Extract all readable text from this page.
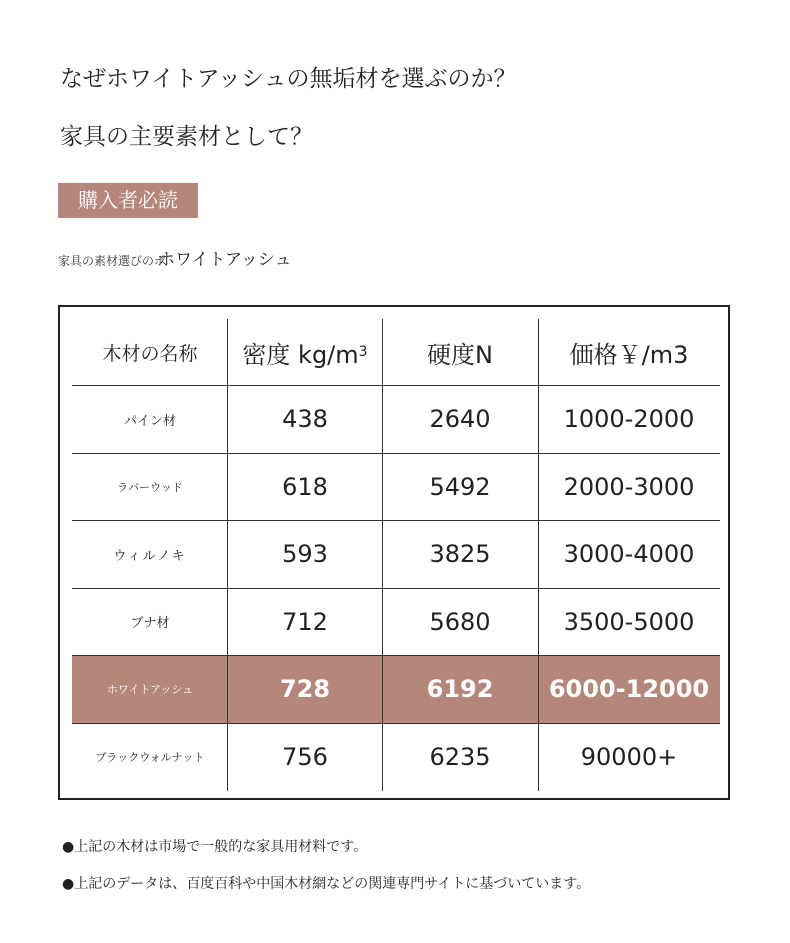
なぜホワイトアッシュの無垢材を選ぶのか？
家具の主要素材として？
購入者必読
家具の素材選びのポホワイトアッシュ
木材の名称	密度 kg/m 3	硬度N	価格￥/m3
パイン材	438	2640	1000-2000
ラバーウッド	618	5492	2000-3000
ウィルノキ	593	3825	3000-4000
ブナ材	712	5680	3500-5000
ホワイトアッシュ	728	6192	6000-12000
ブラックウォルナット	756	6235	90000+
●上記の木材は市場で一般的な家具用材料です。
●上記のデータは、百度百科や中国木材網などの関連専門サイトに基づいています。
